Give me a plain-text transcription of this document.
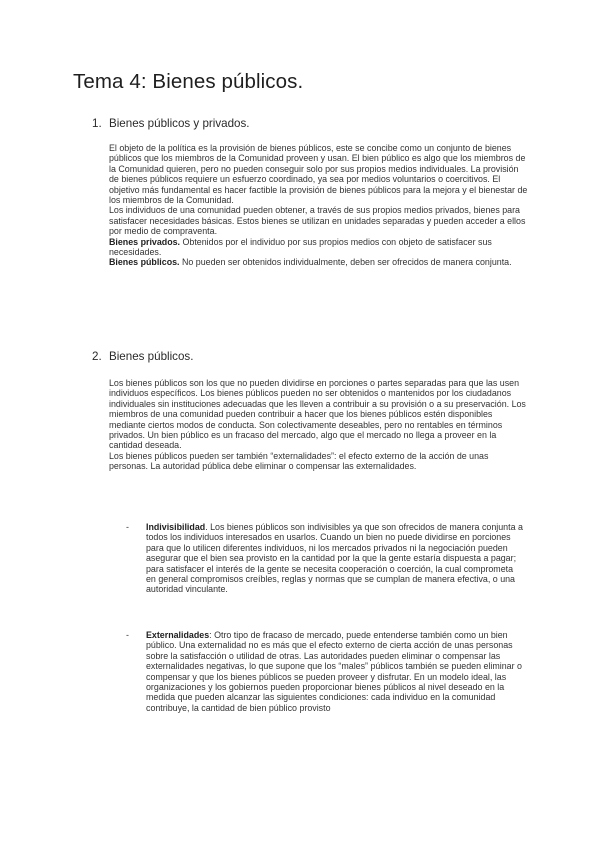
Tema 4: Bienes públicos.
1. Bienes públicos y privados.

El objeto de la política es la provisión de bienes públicos, este se concibe como un conjunto de bienes públicos que los miembros de la Comunidad proveen y usan. El bien público es algo que los miembros de la Comunidad quieren, pero no pueden conseguir solo por sus propios medios individuales. La provisión de bienes públicos requiere un esfuerzo coordinado, ya sea por medios voluntarios o coercitivos. El objetivo más fundamental es hacer factible la provisión de bienes públicos para la mejora y el bienestar de los miembros de la Comunidad.

Los individuos de una comunidad pueden obtener, a través de sus propios medios privados, bienes para satisfacer necesidades básicas. Estos bienes se utilizan en unidades separadas y pueden acceder a ellos por medio de compraventa.

Bienes privados. Obtenidos por el individuo por sus propios medios con objeto de satisfacer sus necesidades.

Bienes públicos. No pueden ser obtenidos individualmente, deben ser ofrecidos de manera conjunta.

2. Bienes públicos.

Los bienes públicos son los que no pueden dividirse en porciones o partes separadas para que las usen individuos específicos. Los bienes públicos pueden no ser obtenidos o mantenidos por los ciudadanos individuales sin instituciones adecuadas que les lleven a contribuir a su provisión o a su preservación. Los miembros de una comunidad pueden contribuir a hacer que los bienes públicos estén disponibles mediante ciertos modos de conducta. Son colectivamente deseables, pero no rentables en términos privados. Un bien público es un fracaso del mercado, algo que el mercado no llega a proveer en la cantidad deseada.

Los bienes públicos pueden ser también “externalidades”: el efecto externo de la acción de unas personas. La autoridad pública debe eliminar o compensar las externalidades.

- Indivisibilidad. Los bienes públicos son indivisibles ya que son ofrecidos de manera conjunta a todos los individuos interesados en usarlos. Cuando un bien no puede dividirse en porciones para que lo utilicen diferentes individuos, ni los mercados privados ni la negociación pueden asegurar que el bien sea provisto en la cantidad por la que la gente estaría dispuesta a pagar; para satisfacer el interés de la gente se necesita cooperación o coerción, la cual comprometa en general compromisos creíbles, reglas y normas que se cumplan de manera efectiva, o una autoridad vinculante.
- Externalidades: Otro tipo de fracaso de mercado, puede entenderse también como un bien público. Una externalidad no es más que el efecto externo de cierta acción de unas personas sobre la satisfacción o utilidad de otras. Las autoridades pueden eliminar o compensar las externalidades negativas, lo que supone que los “males” públicos también se pueden eliminar o compensar y que los bienes públicos se pueden proveer y disfrutar. En un modelo ideal, las organizaciones y los gobiernos pueden proporcionar bienes públicos al nivel deseado en la medida que pueden alcanzar las siguientes condiciones: cada individuo en la comunidad contribuye, la cantidad de bien público provisto
